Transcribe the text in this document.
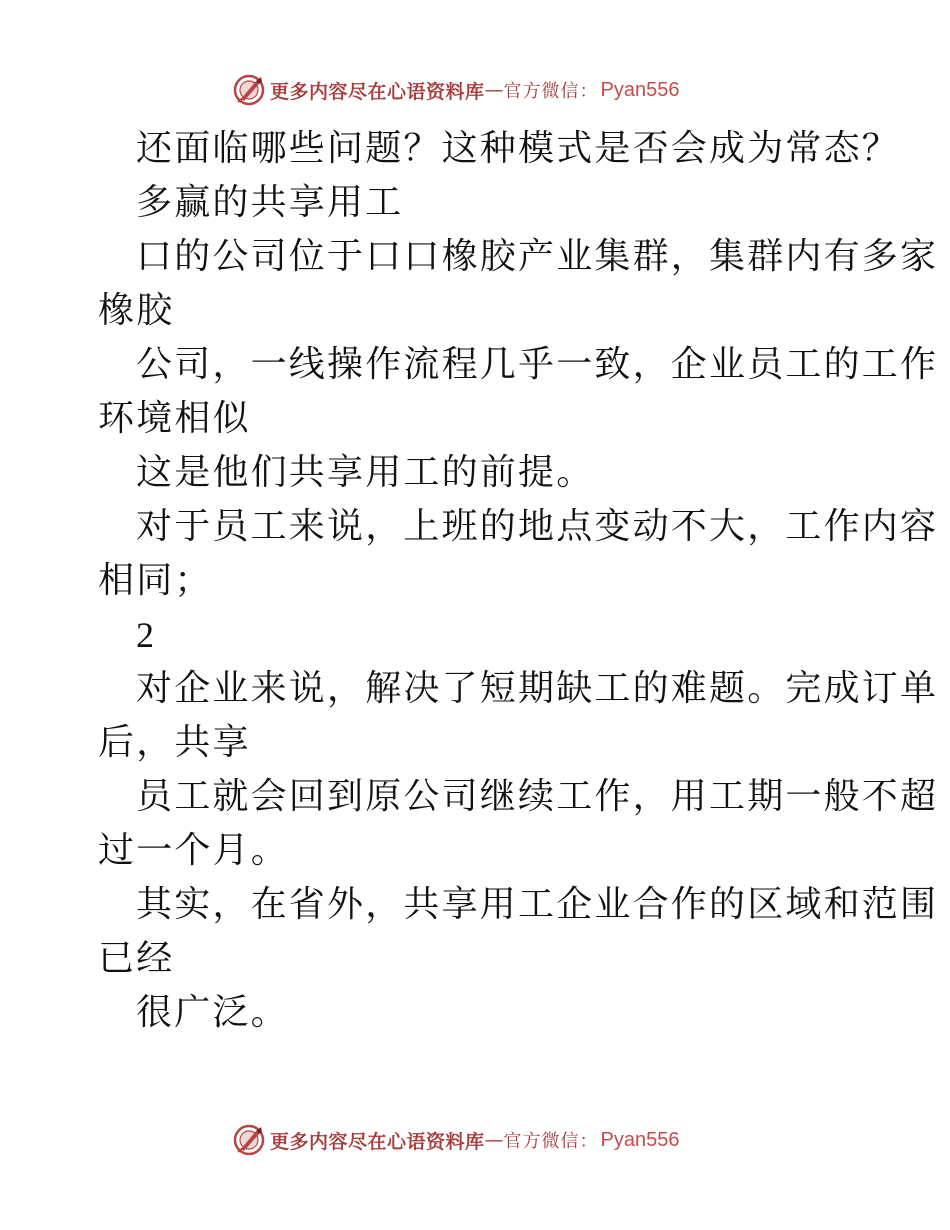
更多内容尽在心语资料库 — 官方微信： Pyan556
还面临哪些问题？这种模式是否会成为常态？
多赢的共享用工
口的公司位于口口橡胶产业集群，集群内有多家
橡胶
公司，一线操作流程几乎一致，企业员工的工作
环境相似
这是他们共享用工的前提。
对于员工来说，上班的地点变动不大，工作内容
相同；
2
对企业来说，解决了短期缺工的难题。完成订单
后，共享
员工就会回到原公司继续工作，用工期一般不超
过一个月。
其实，在省外，共享用工企业合作的区域和范围
已经
很广泛。
更多内容尽在心语资料库 — 官方微信： Pyan556
